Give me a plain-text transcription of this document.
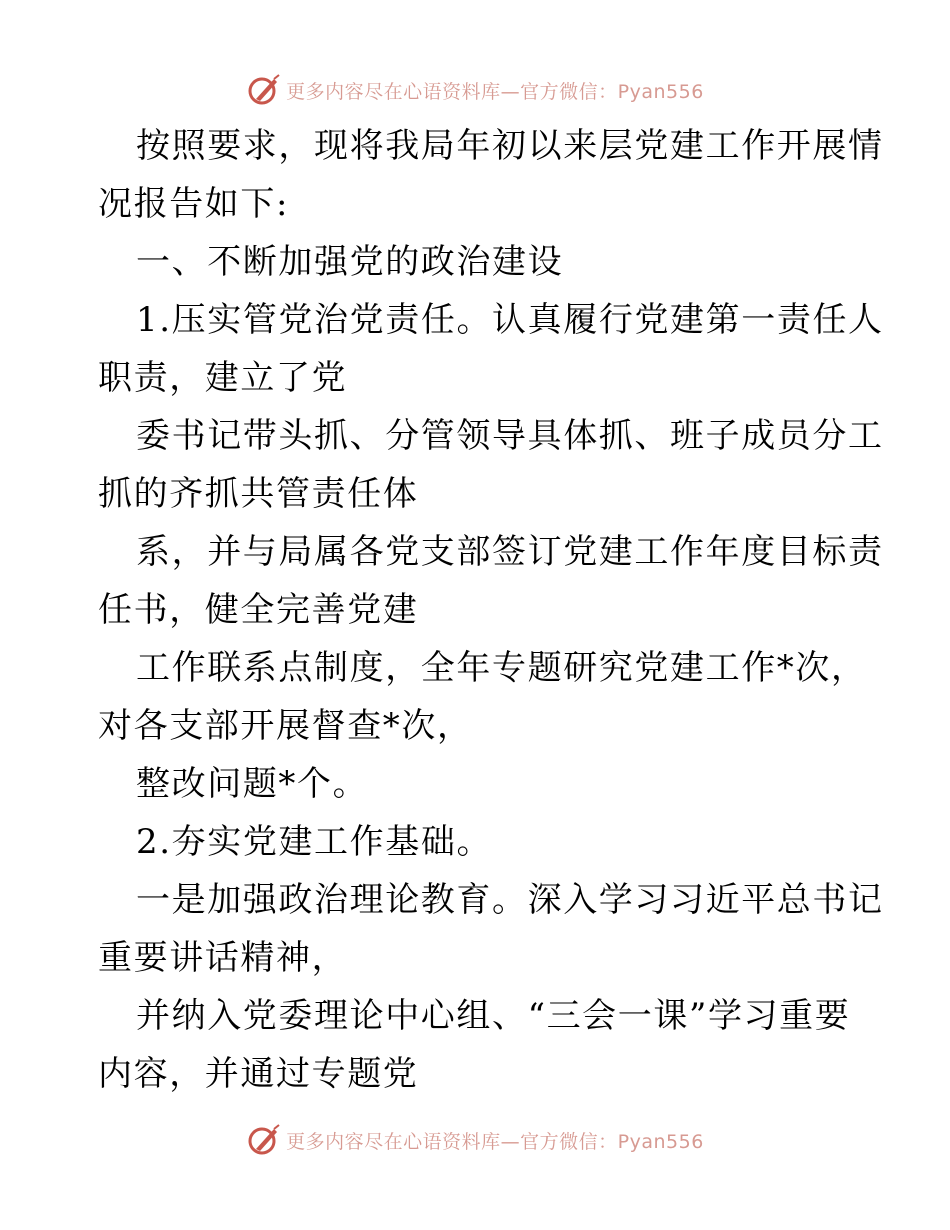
更多内容尽在心语资料库—官方微信：Pyan556
按照要求，现将我局年初以来层党建工作开展情
况报告如下:
一、不断加强党的政治建设
1.压实管党治党责任。认真履行党建第一责任人
职责，建立了党
委书记带头抓、分管领导具体抓、班子成员分工
抓的齐抓共管责任体
系，并与局属各党支部签订党建工作年度目标责
任书，健全完善党建
工作联系点制度，全年专题研究党建工作*次，
对各支部开展督查*次，
整改问题*个。
2.夯实党建工作基础。
一是加强政治理论教育。深入学习习近平总书记
重要讲话精神，
并纳入党委理论中心组、“三会一课”学习重要
内容，并通过专题党
更多内容尽在心语资料库—官方微信：Pyan556
